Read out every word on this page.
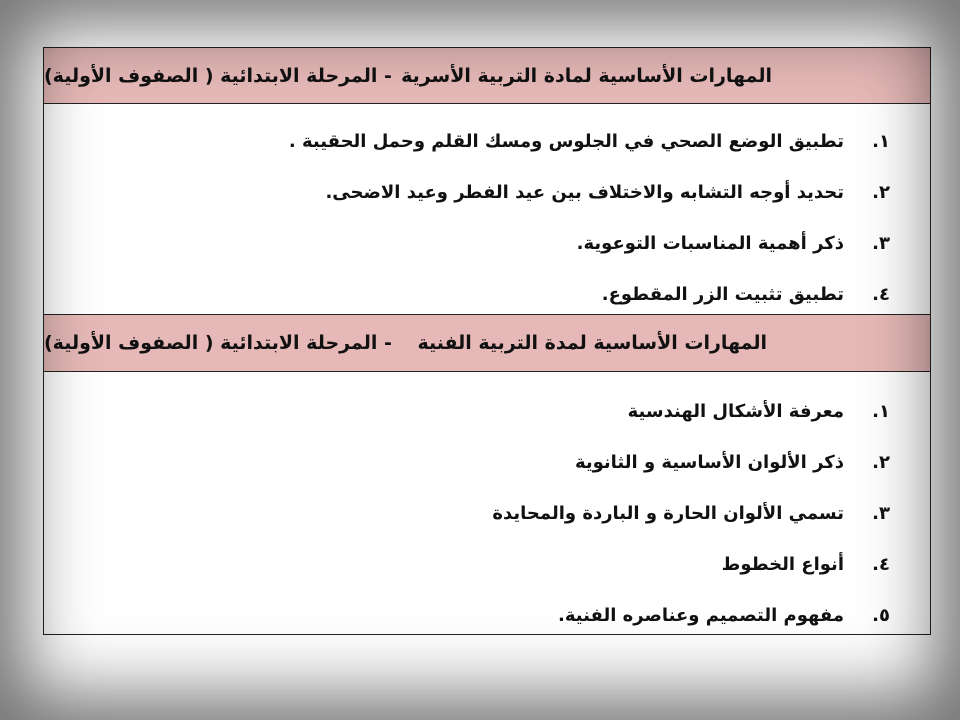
المهارات الأساسية لمادة التربية الأسرية
- المرحلة الابتدائية ( الصفوف الأولية)
١.
تطبيق الوضع الصحي في الجلوس ومسك القلم وحمل الحقيبة .
٢.
تحديد أوجه التشابه والاختلاف بين عيد الفطر وعيد الاضحى.
٣.
ذكر أهمية المناسبات التوعوية.
٤.
تطبيق تثبيت الزر المقطوع.
المهارات الأساسية لمدة التربية الفنية
- المرحلة الابتدائية ( الصفوف الأولية)
١.
معرفة الأشكال الهندسية
٢.
ذكر الألوان الأساسية و الثانوية
٣.
تسمي الألوان الحارة و الباردة والمحايدة
٤.
أنواع الخطوط
٥.
مفهوم التصميم وعناصره الفنية.
